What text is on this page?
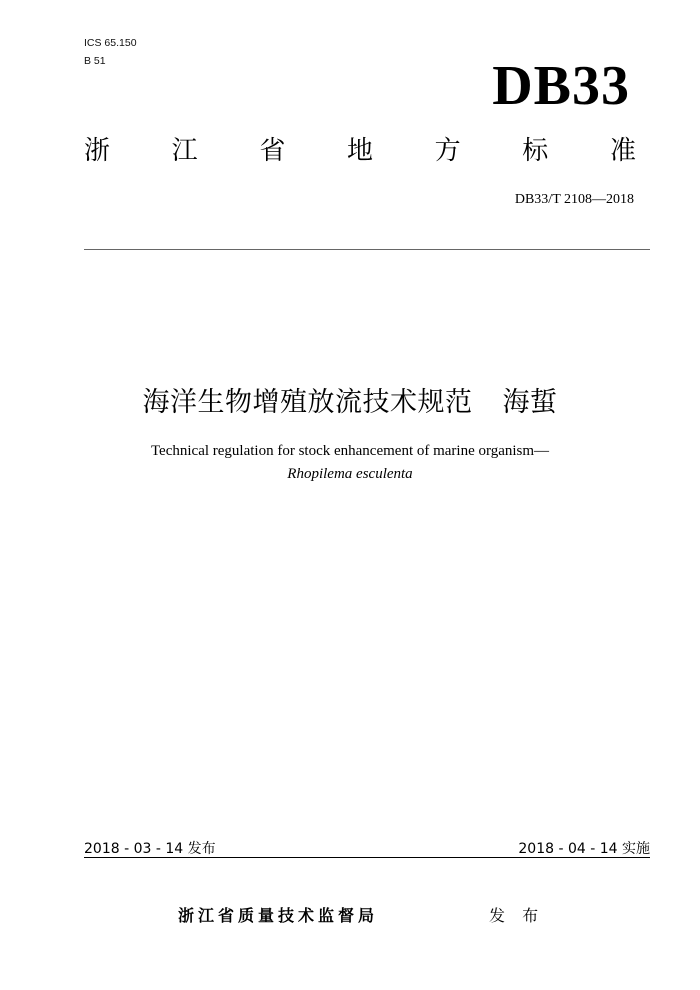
ICS 65.150
B 51	DB33
浙 江 省 地 方 标 准
DB33/T 2108—2018
海洋生物增殖放流技术规范 海蜇
Technical regulation for stock enhancement of marine organism—
Rhopilema esculenta
2018 - 03 - 14 发布	2018 - 04 - 14 实施
浙江省质量技术监督局	发 布
